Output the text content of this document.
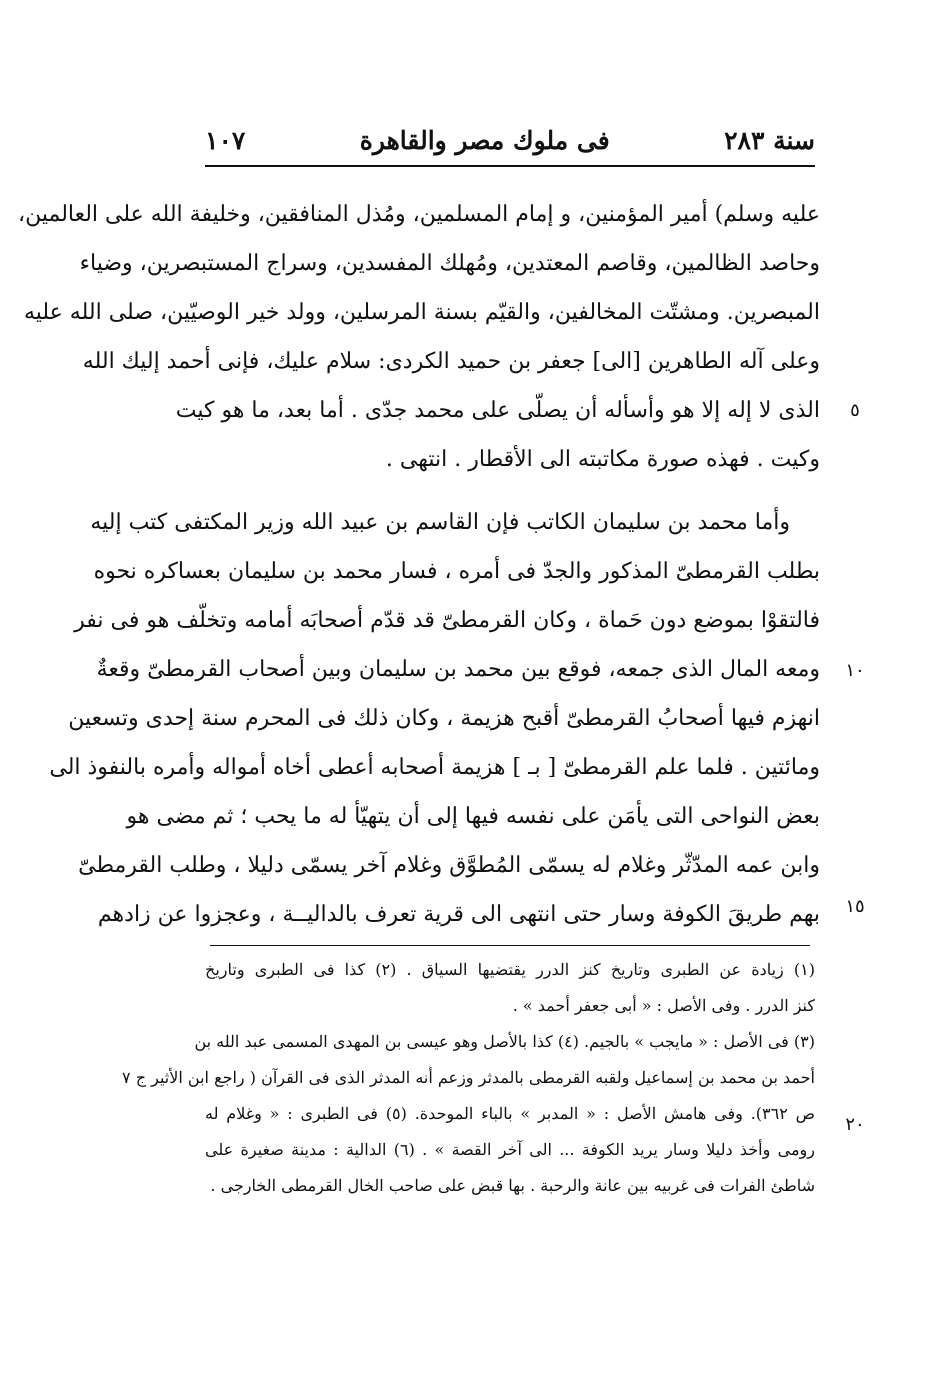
سنة ٢٨٣
فى ملوك مصر والقاهرة
١٠٧
عليه وسلم) أمير المؤمنين، و إمام المسلمين، ومُذل المنافقين، وخليفة الله على العالمين،
وحاصد الظالمين، وقاصم المعتدين، ومُهلك المفسدين، وسراج المستبصرين، وضياء
المبصرين. ومشتّت المخالفين، والقيّم بسنة المرسلين، وولد خير الوصيّين، صلى الله عليه
وعلى آله الطاهرين [الى] جعفر بن حميد الكردى: سلام عليك، فإنى أحمد إليك الله
الذى لا إله إلا هو وأسأله أن يصلّى على محمد جدّى . أما بعد، ما هو كيت
وكيت . فهذه صورة مكاتبته الى الأقطار . انتهى .
وأما محمد بن سليمان الكاتب فإن القاسم بن عبيد الله وزير المكتفى كتب إليه
بطلب القرمطىّ المذكور والجدّ فى أمره ، فسار محمد بن سليمان بعساكره نحوه
فالتقوْا بموضع دون حَماة ، وكان القرمطىّ قد قدّم أصحابَه أمامه وتخلّف هو فى نفر
ومعه المال الذى جمعه، فوقع بين محمد بن سليمان وبين أصحاب القرمطىّ وقعةٌ
انهزم فيها أصحابُ القرمطىّ أقبح هزيمة ، وكان ذلك فى المحرم سنة إحدى وتسعين
ومائتين . فلما علم القرمطىّ [ بـ ] هزيمة أصحابه أعطى أخاه أمواله وأمره بالنفوذ الى
بعض النواحى التى يأمَن على نفسه فيها إلى أن يتهيّأ له ما يحب ؛ ثم مضى هو
وابن عمه المدّثّر وغلام له يسمّى المُطوَّق وغلام آخر يسمّى دليلا ، وطلب القرمطىّ
بهم طريقَ الكوفة وسار حتى انتهى الى قرية تعرف بالداليــة ، وعجزوا عن زادهم
٥
١٠
١٥
٢٠
(١) زيادة عن الطبرى وتاريخ كنز الدرر يقتضيها السياق . (٢) كذا فى الطبرى وتاريخ
كنز الدرر . وفى الأصل : « أبى جعفر أحمد » .
(٣) فى الأصل : « مايجب » بالجيم. (٤) كذا بالأصل وهو عيسى بن المهدى المسمى عبد الله بن
أحمد بن محمد بن إسماعيل ولقبه القرمطى بالمدثر وزعم أنه المدثر الذى فى القرآن ( راجع ابن الأثير ج ٧
ص ٣٦٢). وفى هامش الأصل : « المدبر » بالباء الموحدة. (٥) فى الطبرى : « وغلام له
رومى وأخذ دليلا وسار يريد الكوفة ... الى آخر القصة » . (٦) الدالية : مدينة صغيرة على
شاطئ الفرات فى غربيه بين عانة والرحبة . بها قبض على صاحب الخال القرمطى الخارجى .
